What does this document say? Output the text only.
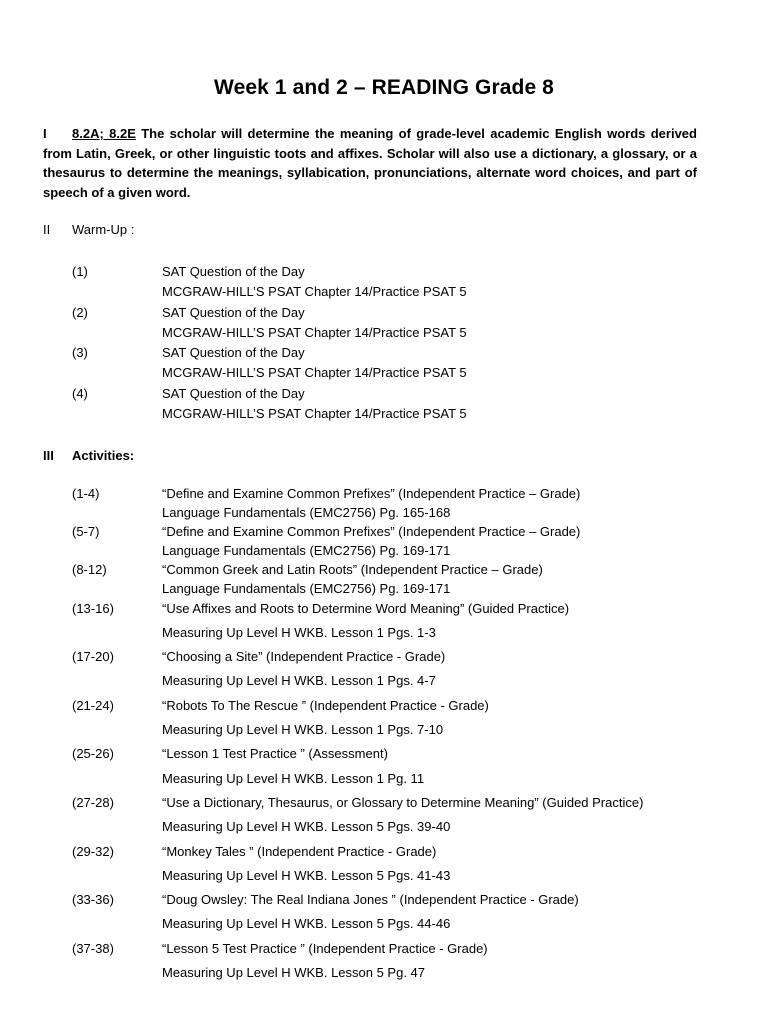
Week 1 and 2 – READING Grade 8
I 8.2A; 8.2E The scholar will determine the meaning of grade-level academic English words derived from Latin, Greek, or other linguistic toots and affixes. Scholar will also use a dictionary, a glossary, or a thesaurus to determine the meanings, syllabication, pronunciations, alternate word choices, and part of speech of a given word.
II Warm-Up :
(1)	SAT Question of the Day
MCGRAW-HILL’S PSAT Chapter 14/Practice PSAT 5
(2)	SAT Question of the Day
MCGRAW-HILL’S PSAT Chapter 14/Practice PSAT 5
(3)	SAT Question of the Day
MCGRAW-HILL’S PSAT Chapter 14/Practice PSAT 5
(4)	SAT Question of the Day
MCGRAW-HILL’S PSAT Chapter 14/Practice PSAT 5
III Activities:
(1-4)	“Define and Examine Common Prefixes” (Independent Practice – Grade)
Language Fundamentals (EMC2756) Pg. 165-168
(5-7)	“Define and Examine Common Prefixes” (Independent Practice – Grade)
Language Fundamentals (EMC2756) Pg. 169-171
(8-12)	“Common Greek and Latin Roots” (Independent Practice – Grade)
Language Fundamentals (EMC2756) Pg. 169-171
(13-16)	“Use Affixes and Roots to Determine Word Meaning” (Guided Practice)
Measuring Up Level H WKB. Lesson 1 Pgs. 1-3
(17-20)	“Choosing a Site” (Independent Practice - Grade)
Measuring Up Level H WKB. Lesson 1 Pgs. 4-7
(21-24)	“Robots To The Rescue ” (Independent Practice - Grade)
Measuring Up Level H WKB. Lesson 1 Pgs. 7-10
(25-26)	“Lesson 1 Test Practice ” (Assessment)
Measuring Up Level H WKB. Lesson 1 Pg. 11
(27-28)	“Use a Dictionary, Thesaurus, or Glossary to Determine Meaning” (Guided Practice)
Measuring Up Level H WKB. Lesson 5 Pgs. 39-40
(29-32)	“Monkey Tales ” (Independent Practice - Grade)
Measuring Up Level H WKB. Lesson 5 Pgs. 41-43
(33-36)	“Doug Owsley: The Real Indiana Jones ” (Independent Practice - Grade)
Measuring Up Level H WKB. Lesson 5 Pgs. 44-46
(37-38)	“Lesson 5 Test Practice ” (Independent Practice - Grade)
Measuring Up Level H WKB. Lesson 5 Pg. 47
